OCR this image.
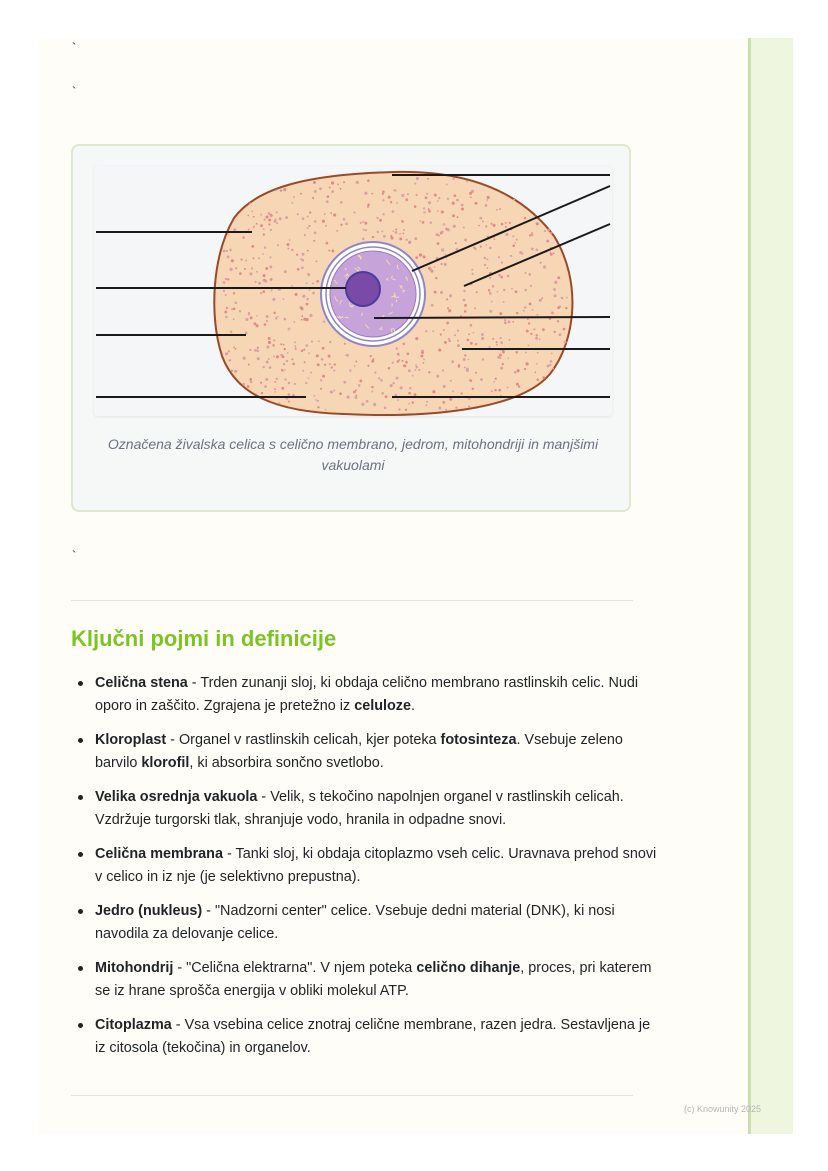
`
`
Označena živalska celica s celično membrano, jedrom, mitohondriji in manjšimi vakuolami
`
Ključni pojmi in definicije
Celična stena - Trden zunanji sloj, ki obdaja celično membrano rastlinskih celic. Nudi oporo in zaščito. Zgrajena je pretežno iz celuloze.
Kloroplast - Organel v rastlinskih celicah, kjer poteka fotosinteza. Vsebuje zeleno barvilo klorofil, ki absorbira sončno svetlobo.
Velika osrednja vakuola - Velik, s tekočino napolnjen organel v rastlinskih celicah. Vzdržuje turgorski tlak, shranjuje vodo, hranila in odpadne snovi.
Celična membrana - Tanki sloj, ki obdaja citoplazmo vseh celic. Uravnava prehod snovi v celico in iz nje (je selektivno prepustna).
Jedro (nukleus) - "Nadzorni center" celice. Vsebuje dedni material (DNK), ki nosi navodila za delovanje celice.
Mitohondrij - "Celična elektrarna". V njem poteka celično dihanje, proces, pri katerem se iz hrane sprošča energija v obliki molekul ATP.
Citoplazma - Vsa vsebina celice znotraj celične membrane, razen jedra. Sestavljena je iz citosola (tekočina) in organelov.
(c) Knowunity 2025
